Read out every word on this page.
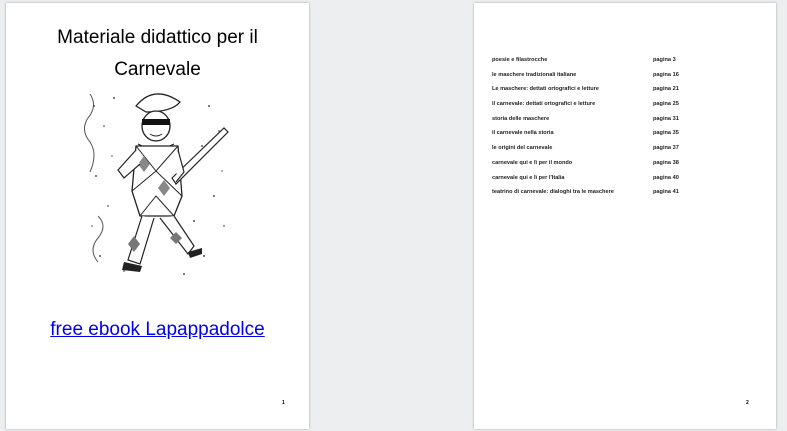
Materiale didattico per il
Carnevale
free ebook Lapappadolce
1
poesie e filastrocche	pagina 3
le maschere tradizionali italiane	pagina 16
Le maschere: dettati ortografici e letture	pagina 21
il carnevale: dettati ortografici e letture	pagina 25
storia delle maschere	pagina 31
il carnevale nella storia	pagina 35
le origini del carnevale	pagina 37
carnevale qui e lì per il mondo	pagina 38
carnevale qui e lì per l'Italia	pagina 40
teatrino di carnevale: dialoghi tra le maschere	pagina 41
2
